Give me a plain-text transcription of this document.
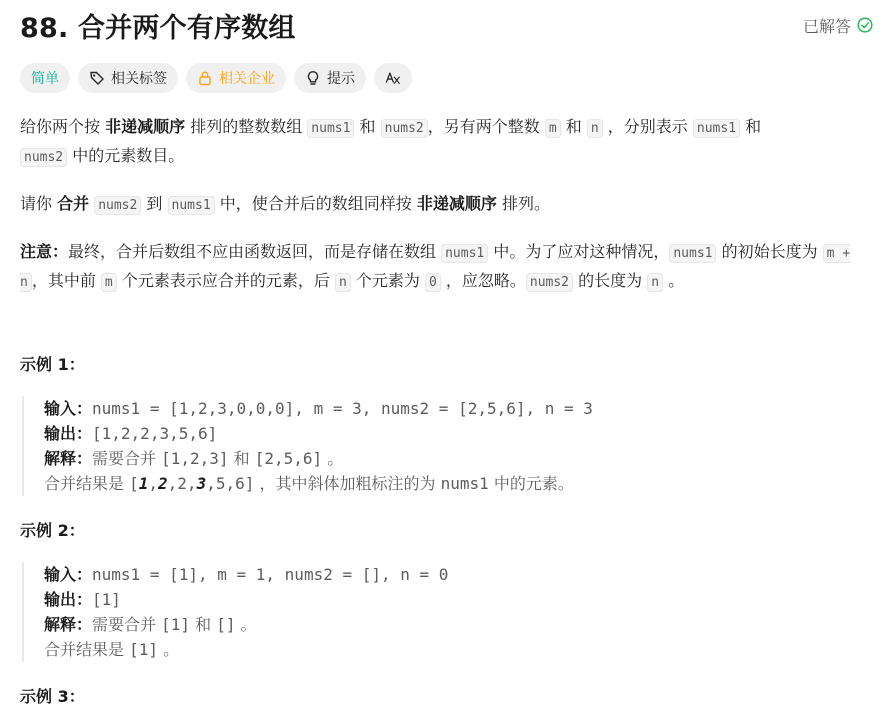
88. 合并两个有序数组	已解答
简单	相关标签	相关企业	提示

给你两个按 非递减顺序 排列的整数数组 nums1 和 nums2 ，另有两个整数 m 和 n ，分别表示 nums1 和
nums2 中的元素数目。

请你 合并 nums2 到 nums1 中，使合并后的数组同样按 非递减顺序 排列。

注意：最终，合并后数组不应由函数返回，而是存储在数组 nums1 中。为了应对这种情况， nums1 的初始长度为 m + n ，其中前 m 个元素表示应合并的元素，后 n 个元素为 0 ，应忽略。 nums2 的长度为 n 。

示例 1：
输入：nums1 = [1,2,3,0,0,0], m = 3, nums2 = [2,5,6], n = 3
输出：[1,2,2,3,5,6]
解释：需要合并 [1,2,3] 和 [2,5,6] 。
合并结果是 [1,2,2,3,5,6] ，其中斜体加粗标注的为 nums1 中的元素。
示例 2：
输入：nums1 = [1], m = 1, nums2 = [], n = 0
输出：[1]
解释：需要合并 [1] 和 [] 。
合并结果是 [1] 。
示例 3：
